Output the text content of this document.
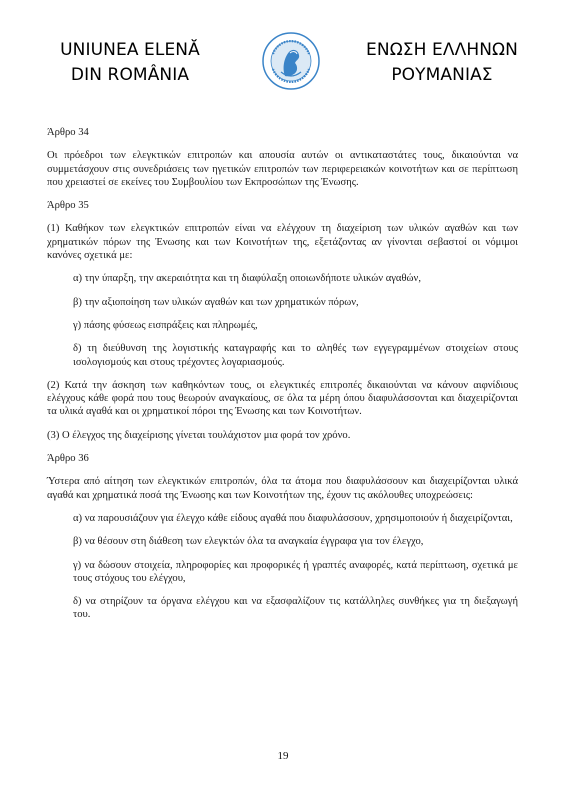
UNIUNEA ELENĂ
DIN ROMÂNIA
ΕΝΩΣΗ ΕΛΛΗΝΩΝ
ΡΟΥΜΑΝΙΑΣ

Άρθρο 34

Οι πρόεδροι των ελεγκτικών επιτροπών και απουσία αυτών οι αντικαταστάτες τους, δικαιούνται να συμμετάσχουν στις συνεδριάσεις των ηγετικών επιτροπών των περιφερειακών κοινοτήτων και σε περίπτωση που χρειαστεί σε εκείνες του Συμβουλίου των Εκπροσώπων της Ένωσης.

Άρθρο 35

(1) Καθήκον των ελεγκτικών επιτροπών είναι να ελέγχουν τη διαχείριση των υλικών αγαθών και των χρηματικών πόρων της Ένωσης και των Κοινοτήτων της, εξετάζοντας αν γίνονται σεβαστοί οι νόμιμοι κανόνες σχετικά με:

α) την ύπαρξη, την ακεραιότητα και τη διαφύλαξη οποιωνδήποτε υλικών αγαθών,

β) την αξιοποίηση των υλικών αγαθών και των χρηματικών πόρων,

γ) πάσης φύσεως εισπράξεις και πληρωμές,

δ) τη διεύθυνση της λογιστικής καταγραφής και το αληθές των εγγεγραμμένων στοιχείων στους ισολογισμούς και στους τρέχοντες λογαριασμούς.

(2) Κατά την άσκηση των καθηκόντων τους, οι ελεγκτικές επιτροπές δικαιούνται να κάνουν αιφνίδιους ελέγχους κάθε φορά που τους θεωρούν αναγκαίους, σε όλα τα μέρη όπου διαφυλάσσονται και διαχειρίζονται τα υλικά αγαθά και οι χρηματικοί πόροι της Ένωσης και των Κοινοτήτων.

(3) Ο έλεγχος της διαχείρισης γίνεται τουλάχιστον μια φορά τον χρόνο.

Άρθρο 36

Ύστερα από αίτηση των ελεγκτικών επιτροπών, όλα τα άτομα που διαφυλάσσουν και διαχειρίζονται υλικά αγαθά και χρηματικά ποσά της Ένωσης και των Κοινοτήτων της, έχουν τις ακόλουθες υποχρεώσεις:

α) να παρουσιάζουν για έλεγχο κάθε είδους αγαθά που διαφυλάσσουν, χρησιμοποιούν ή διαχειρίζονται,

β) να θέσουν στη διάθεση των ελεγκτών όλα τα αναγκαία έγγραφα για τον έλεγχο,

γ) να δώσουν στοιχεία, πληροφορίες και προφορικές ή γραπτές αναφορές, κατά περίπτωση, σχετικά με τους στόχους του ελέγχου,

δ) να στηρίζουν τα όργανα ελέγχου και να εξασφαλίζουν τις κατάλληλες συνθήκες για τη διεξαγωγή του.

19
